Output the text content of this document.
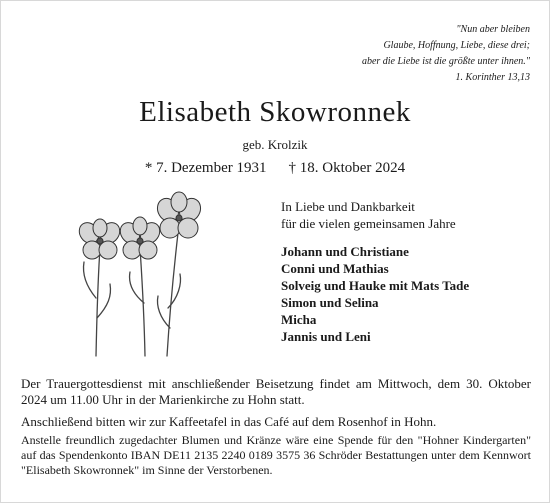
"Nun aber bleiben
Glaube, Hoffnung, Liebe, diese drei;
aber die Liebe ist die größte unter ihnen."
1. Korinther 13,13
Elisabeth Skowronnek
geb. Krolzik
* 7. Dezember 1931 † 18. Oktober 2024
In Liebe und Dankbarkeit
für die vielen gemeinsamen Jahre
Johann und Christiane
Conni und Mathias
Solveig und Hauke mit Mats Tade
Simon und Selina
Micha
Jannis und Leni
Der Trauergottesdienst mit anschließender Beisetzung findet am Mittwoch, dem 30. Oktober 2024 um 11.00 Uhr in der Marienkirche zu Hohn statt.
Anschließend bitten wir zur Kaffeetafel in das Café auf dem Rosenhof in Hohn.
Anstelle freundlich zugedachter Blumen und Kränze wäre eine Spende für den "Hohner Kindergarten" auf das Spendenkonto IBAN DE11 2135 2240 0189 3575 36 Schröder Bestattungen unter dem Kennwort "Elisabeth Skowronnek" im Sinne der Verstorbenen.
